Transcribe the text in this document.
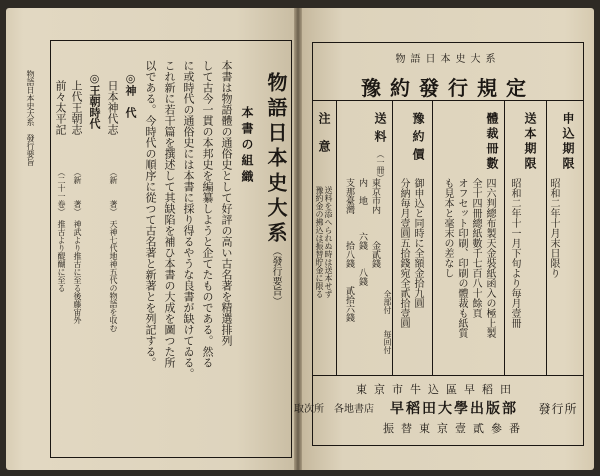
物語日本史大系　發行要旨	物語日本史大系
（發行要旨）
本書の組織
本書は物語體の通俗史として好評の高い古名著を精選排列
して古今一貫の本邦史を編纂しようと企てたものである。然る
に或時代の通俗史には本書に採り得るやうな良書が缺けてゐる。
これ新に若干篇を撰述して其缺陷を補ひ本書の大成を圖つた所
以である。今時代の順序に從つて古名著と新著とを列記する。
◎神　代
日本神代志
（新　　著）　天神七代地神五代の物語を収む
◎王朝時代
上代王朝志
（新　　著）　神武より推古に至る後藤宙外
前々太平記
（二十一卷）　推古より醍醐に至る
物語日本史大系
豫約發行規定
申込期限
昭和二年十月末日限り
送本期限
昭和二年十一月下旬より毎月壹冊
體裁冊數
四六判總布製天金裝紙函入の極上製
全十四冊總紙數千七百八十餘頁
オフセット印刷、印刷の體裁も紙質
も見本と毫末の差なし
豫約價
御申込と同時に全額金拾九圓
分納毎月壹圓五拾錢宛全貳拾壹圓
送料
（一冊）
全部付
毎回付
東京市内　　　金貳錢
内　地　　　六錢　　八錢
支那臺灣　　　拾八錢　　貳拾六錢
注意
送料を添へられぬ時は送本せず
豫約金の拂込は振替貯金に限る
東京市牛込區早稻田
發行所
早稻田大學出版部
取次所　各地書店
振替東京壹貳參番
